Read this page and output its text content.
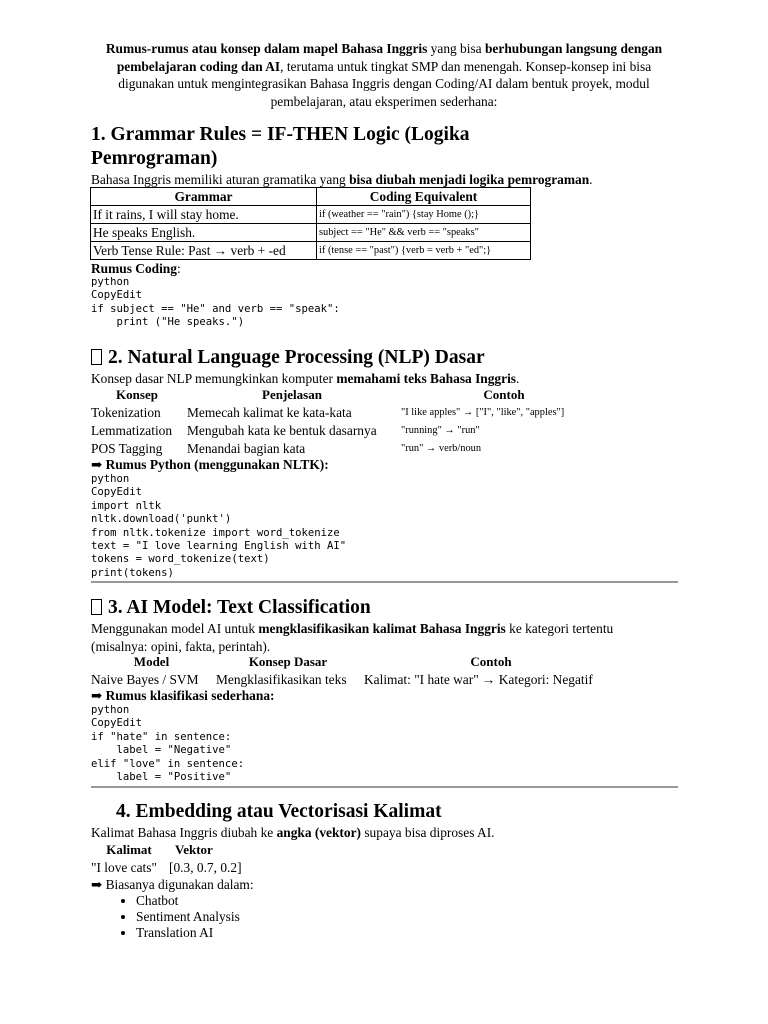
Rumus-rumus atau konsep dalam mapel Bahasa Inggris yang bisa berhubungan langsung dengan pembelajaran coding dan AI, terutama untuk tingkat SMP dan menengah. Konsep-konsep ini bisa digunakan untuk mengintegrasikan Bahasa Inggris dengan Coding/AI dalam bentuk proyek, modul pembelajaran, atau eksperimen sederhana:

1. Grammar Rules = IF-THEN Logic (Logika
Pemrograman)

Bahasa Inggris memiliki aturan gramatika yang bisa diubah menjadi logika pemrograman.

Grammar	Coding Equivalent
If it rains, I will stay home.	if (weather == "rain") {stay Home ();}
He speaks English.	subject == "He" && verb == "speaks"
Verb Tense Rule: Past → verb + -ed	if (tense == "past") {verb = verb + "ed";}

Rumus Coding:

python
CopyEdit
if subject == "He" and verb == "speak":
print ("He speaks.")
2. Natural Language Processing (NLP) Dasar

Konsep dasar NLP memungkinkan komputer memahami teks Bahasa Inggris.

Konsep	Penjelasan	Contoh
Tokenization	Memecah kalimat ke kata-kata	"I like apples" → ["I", "like", "apples"]
Lemmatization	Mengubah kata ke bentuk dasarnya	"running" → "run"
POS Tagging	Menandai bagian kata	"run" → verb/noun

➡ Rumus Python (menggunakan NLTK):

python
CopyEdit
import nltk
nltk.download('punkt')
from nltk.tokenize import word_tokenize
text = "I love learning English with AI"
tokens = word_tokenize(text)
print(tokens)
3. AI Model: Text Classification

Menggunakan model AI untuk mengklasifikasikan kalimat Bahasa Inggris ke kategori tertentu (misalnya: opini, fakta, perintah).

Model	Konsep Dasar	Contoh
Naive Bayes / SVM	Mengklasifikasikan teks	Kalimat: "I hate war" → Kategori: Negatif

➡ Rumus klasifikasi sederhana:

python
CopyEdit
if "hate" in sentence:
label = "Negative"
elif "love" in sentence:
label = "Positive"
4. Embedding atau Vectorisasi Kalimat

Kalimat Bahasa Inggris diubah ke angka (vektor) supaya bisa diproses AI.

Kalimat	Vektor
"I love cats"	[0.3, 0.7, 0.2]

➡ Biasanya digunakan dalam:

• Chatbot
• Sentiment Analysis
• Translation AI
